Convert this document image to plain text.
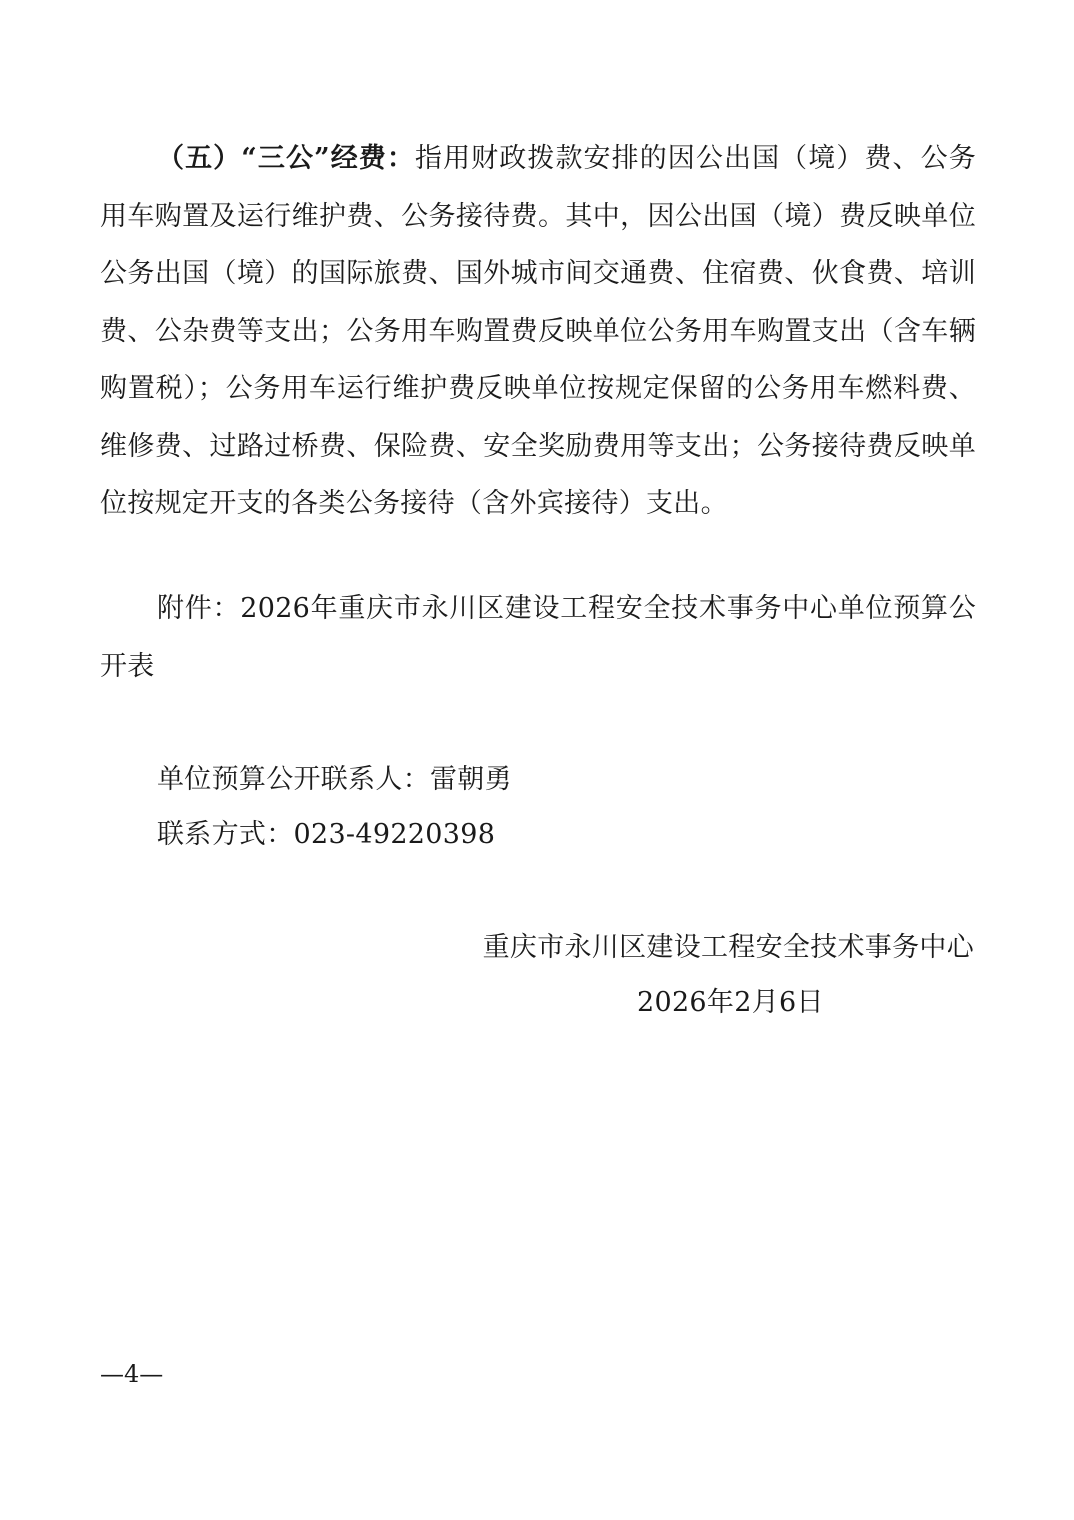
（五）“三公”经费：指用财政拨款安排的因公出国（境）费、公务用车购置及运行维护费、公务接待费。其中，因公出国（境）费反映单位公务出国（境）的国际旅费、国外城市间交通费、住宿费、伙食费、培训费、公杂费等支出；公务用车购置费反映单位公务用车购置支出（含车辆购置税）；公务用车运行维护费反映单位按规定保留的公务用车燃料费、维修费、过路过桥费、保险费、安全奖励费用等支出；公务接待费反映单位按规定开支的各类公务接待（含外宾接待）支出。

附件：2026年重庆市永川区建设工程安全技术事务中心单位预算公开表

单位预算公开联系人：雷朝勇
联系方式：023-49220398
重庆市永川区建设工程安全技术事务中心
2026年2月6日
—4—
